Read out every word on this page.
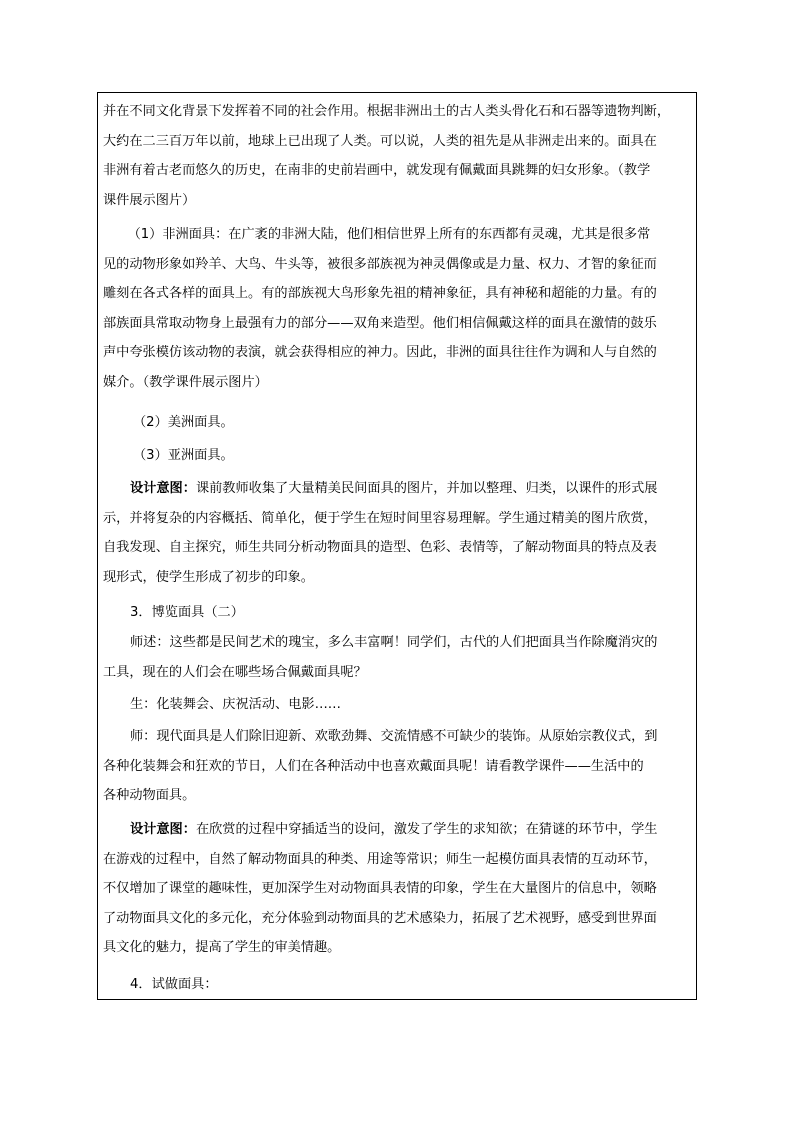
并在不同文化背景下发挥着不同的社会作用。根据非洲出土的古人类头骨化石和石器等遗物判断，
大约在二三百万年以前，地球上已出现了人类。可以说，人类的祖先是从非洲走出来的。面具在
非洲有着古老而悠久的历史，在南非的史前岩画中，就发现有佩戴面具跳舞的妇女形象。（教学
课件展示图片）
　（1）非洲面具：在广袤的非洲大陆，他们相信世界上所有的东西都有灵魂，尤其是很多常
见的动物形象如羚羊、大鸟、牛头等，被很多部族视为神灵偶像或是力量、权力、才智的象征而
雕刻在各式各样的面具上。有的部族视大鸟形象先祖的精神象征，具有神秘和超能的力量。有的
部族面具常取动物身上最强有力的部分——双角来造型。他们相信佩戴这样的面具在激情的鼓乐
声中夸张模仿该动物的表演，就会获得相应的神力。因此，非洲的面具往往作为调和人与自然的
媒介。（教学课件展示图片）
（2）美洲面具。
（3）亚洲面具。
设计意图：课前教师收集了大量精美民间面具的图片，并加以整理、归类，以课件的形式展
示，并将复杂的内容概括、简单化，便于学生在短时间里容易理解。学生通过精美的图片欣赏，
自我发现、自主探究，师生共同分析动物面具的造型、色彩、表情等，了解动物面具的特点及表
现形式，使学生形成了初步的印象。
3．博览面具（二）
师述：这些都是民间艺术的瑰宝，多么丰富啊！同学们，古代的人们把面具当作除魔消灾的
工具，现在的人们会在哪些场合佩戴面具呢？
生：化装舞会、庆祝活动、电影……
师：现代面具是人们除旧迎新、欢歌劲舞、交流情感不可缺少的装饰。从原始宗教仪式，到
各种化装舞会和狂欢的节日，人们在各种活动中也喜欢戴面具呢！请看教学课件——生活中的
各种动物面具。
设计意图：在欣赏的过程中穿插适当的设问，激发了学生的求知欲；在猜谜的环节中，学生
在游戏的过程中，自然了解动物面具的种类、用途等常识；师生一起模仿面具表情的互动环节，
不仅增加了课堂的趣味性，更加深学生对动物面具表情的印象，学生在大量图片的信息中，领略
了动物面具文化的多元化，充分体验到动物面具的艺术感染力，拓展了艺术视野，感受到世界面
具文化的魅力，提高了学生的审美情趣。
4．试做面具：
